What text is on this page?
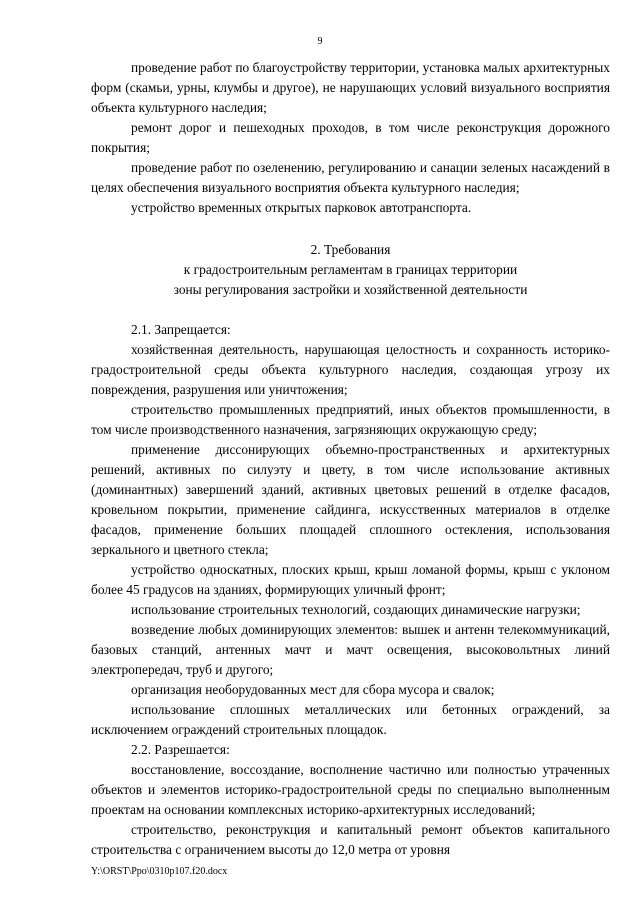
9

проведение работ по благоустройству территории, установка малых архитектурных форм (скамьи, урны, клумбы и другое), не нарушающих условий визуального восприятия объекта культурного наследия;

ремонт дорог и пешеходных проходов, в том числе реконструкция дорожного покрытия;

проведение работ по озеленению, регулированию и санации зеленых насаждений в целях обеспечения визуального восприятия объекта культурного наследия;

устройство временных открытых парковок автотранспорта.

2. Требования
к градостроительным регламентам в границах территории
зоны регулирования застройки и хозяйственной деятельности

2.1. Запрещается:

хозяйственная деятельность, нарушающая целостность и сохранность историко-градостроительной среды объекта культурного наследия, создающая угрозу их повреждения, разрушения или уничтожения;

строительство промышленных предприятий, иных объектов промышленности, в том числе производственного назначения, загрязняющих окружающую среду;

применение диссонирующих объемно-пространственных и архитектурных решений, активных по силуэту и цвету, в том числе использование активных (доминантных) завершений зданий, активных цветовых решений в отделке фасадов, кровельном покрытии, применение сайдинга, искусственных материалов в отделке фасадов, применение больших площадей сплошного остекления, использования зеркального и цветного стекла;

устройство односкатных, плоских крыш, крыш ломаной формы, крыш с уклоном более 45 градусов на зданиях, формирующих уличный фронт;

использование строительных технологий, создающих динамические нагрузки;

возведение любых доминирующих элементов: вышек и антенн телекоммуникаций, базовых станций, антенных мачт и мачт освещения, высоковольтных линий электропередач, труб и другого;

организация необорудованных мест для сбора мусора и свалок;

использование сплошных металлических или бетонных ограждений, за исключением ограждений строительных площадок.

2.2. Разрешается:

восстановление, воссоздание, восполнение частично или полностью утраченных объектов и элементов историко-градостроительной среды по специально выполненным проектам на основании комплексных историко-архитектурных исследований;

строительство, реконструкция и капитальный ремонт объектов капитального строительства с ограничением высоты до 12,0 метра от уровня

Y:\ORST\Ppo\0310p107.f20.docx
